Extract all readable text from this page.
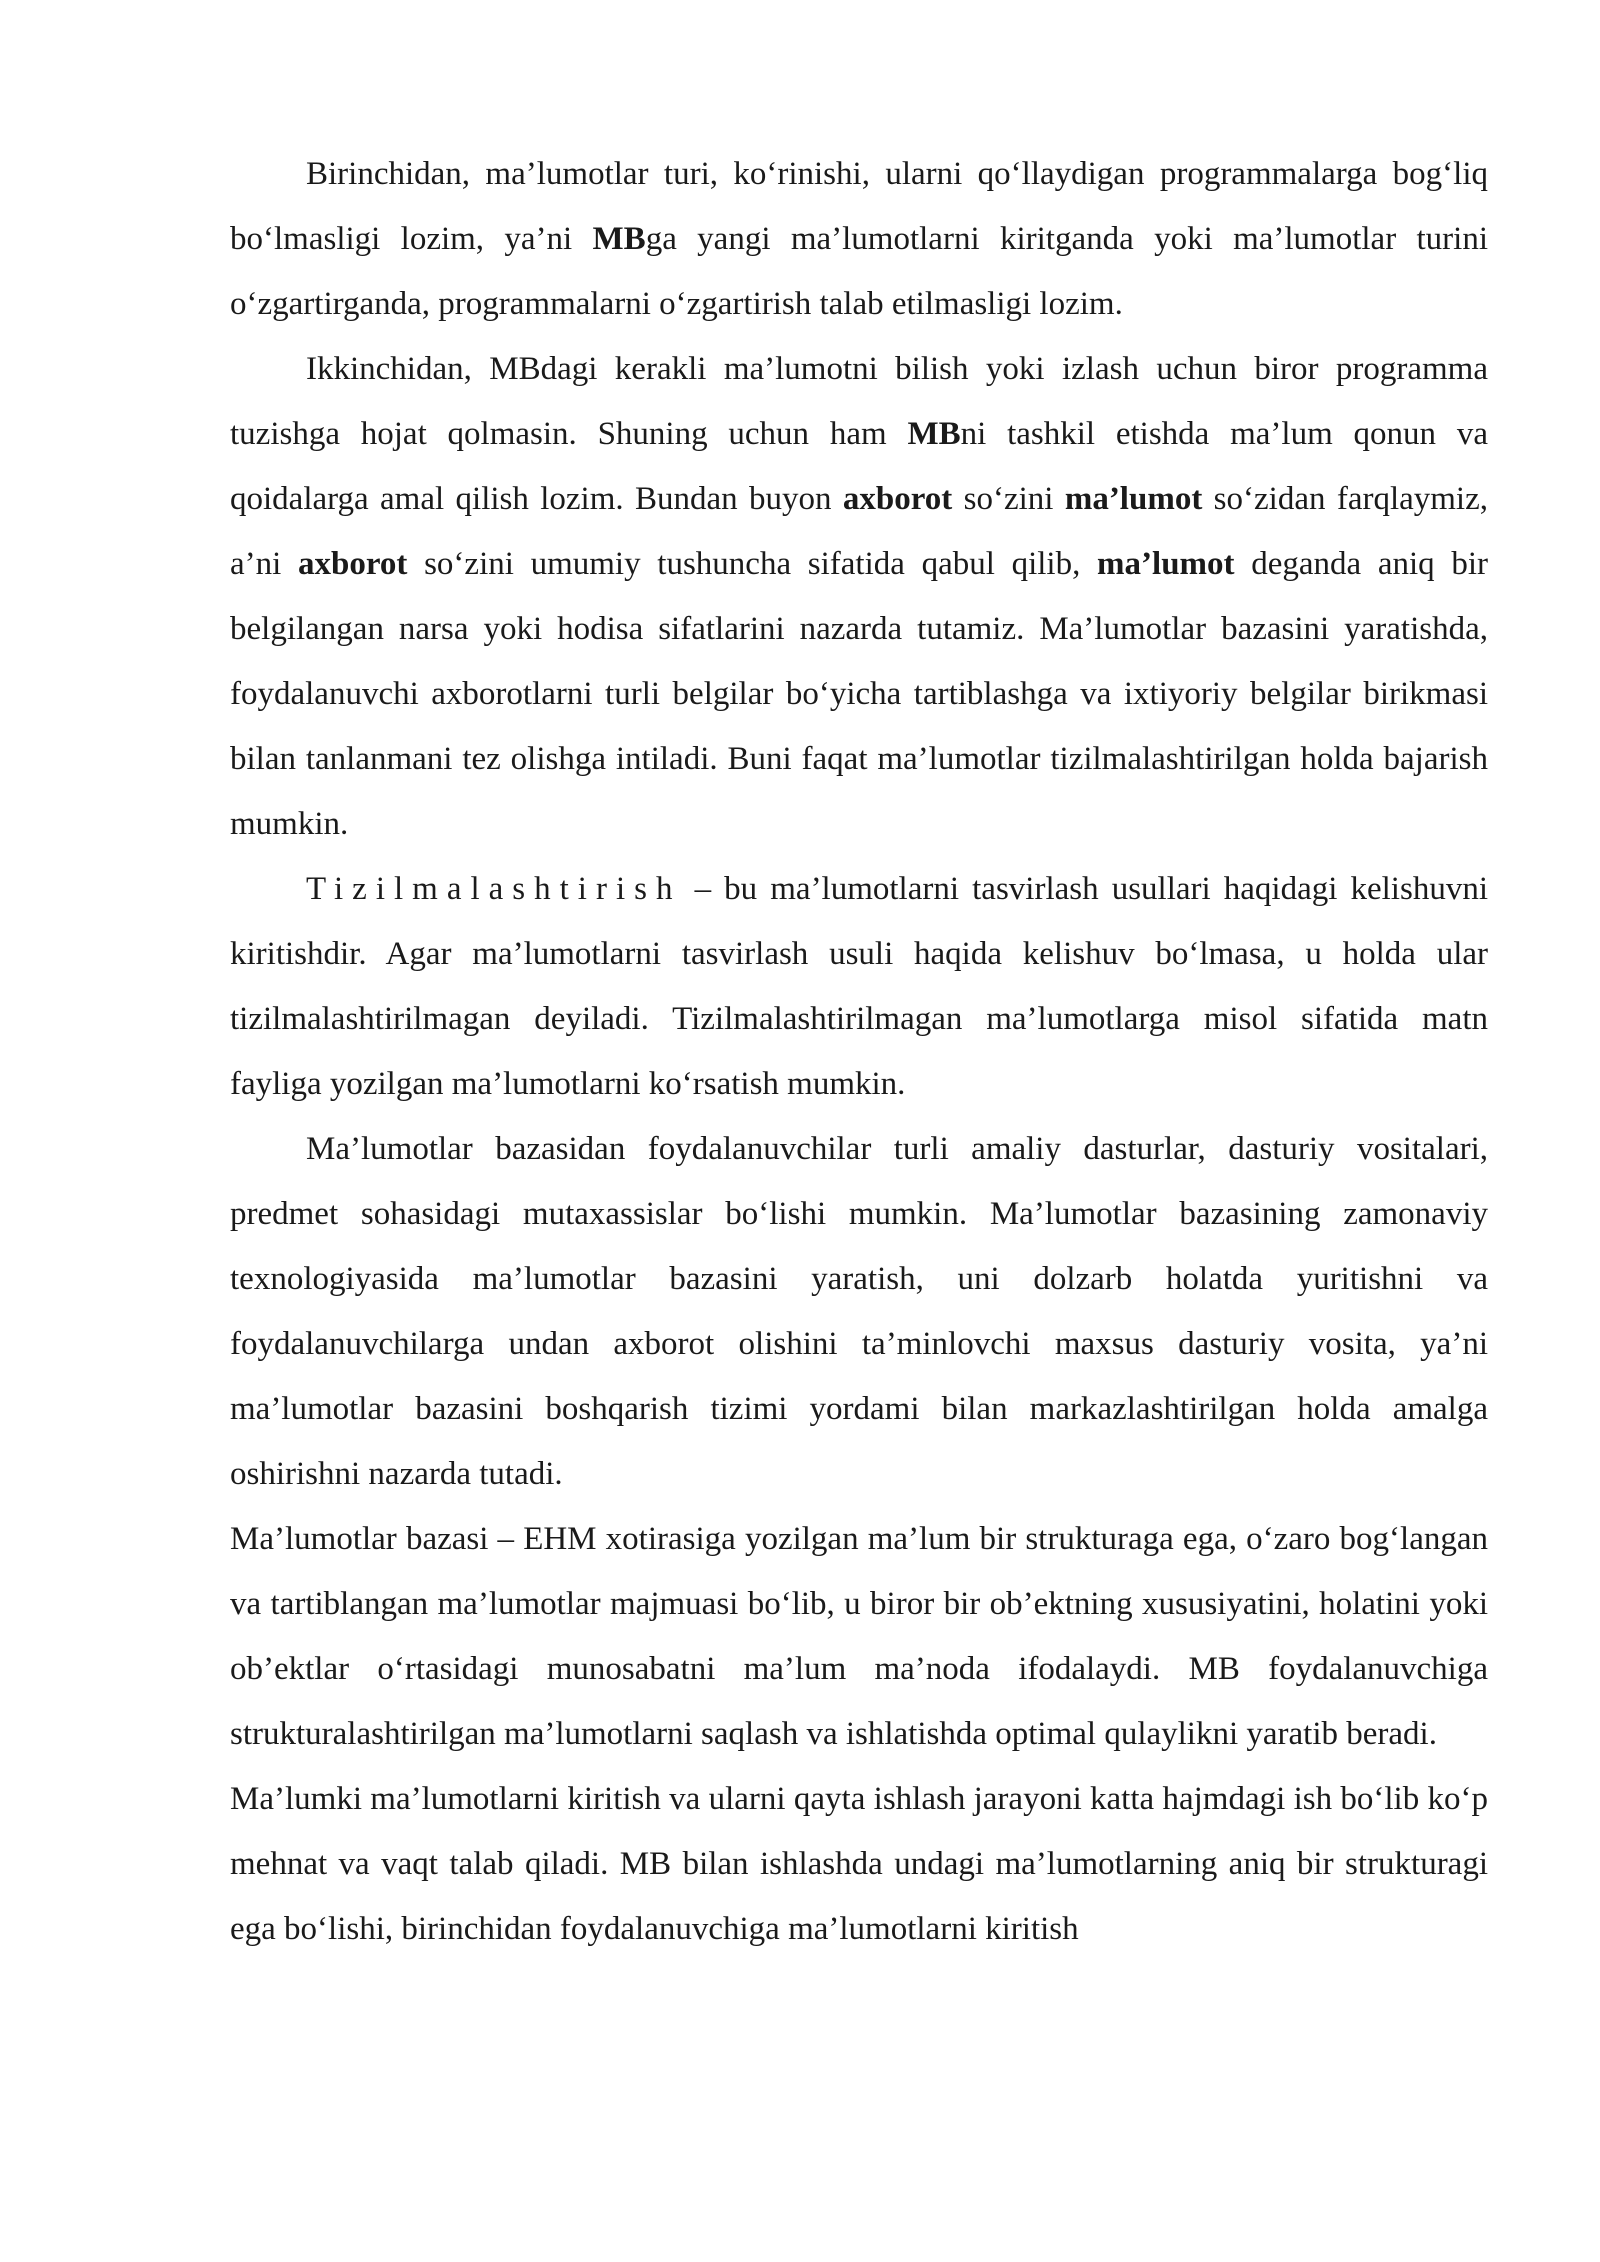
Birinchidan, ma’lumotlar turi, ko‘rinishi, ularni qo‘llaydigan programmalarga bog‘liq bo‘lmasligi lozim, ya’ni MBga yangi ma’lumotlarni kiritganda yoki ma’lumotlar turini o‘zgartirganda, programmalarni o‘zgartirish talab etilmasligi lozim.

Ikkinchidan, MBdagi kerakli ma’lumotni bilish yoki izlash uchun biror programma tuzishga hojat qolmasin. Shuning uchun ham MBni tashkil etishda ma’lum qonun va qoidalarga amal qilish lozim. Bundan buyon axborot so‘zini ma’lumot so‘zidan farqlaymiz, a’ni axborot so‘zini umumiy tushuncha sifatida qabul qilib, ma’lumot deganda aniq bir belgilangan narsa yoki hodisa sifatlarini nazarda tutamiz. Ma’lumotlar bazasini yaratishda, foydalanuvchi axborotlarni turli belgilar bo‘yicha tartiblashga va ixtiyoriy belgilar birikmasi bilan tanlanmani tez olishga intiladi. Buni faqat ma’lumotlar tizilmalashtirilgan holda bajarish mumkin.

Tizilmalashtirish – bu ma’lumotlarni tasvirlash usullari haqidagi kelishuvni kiritishdir. Agar ma’lumotlarni tasvirlash usuli haqida kelishuv bo‘lmasa, u holda ular tizilmalashtirilmagan deyiladi. Tizilmalashtirilmagan ma’lumotlarga misol sifatida matn fayliga yozilgan ma’lumotlarni ko‘rsatish mumkin.

Ma’lumotlar bazasidan foydalanuvchilar turli amaliy dasturlar, dasturiy vositalari, predmet sohasidagi mutaxassislar bo‘lishi mumkin. Ma’lumotlar bazasining zamonaviy texnologiyasida ma’lumotlar bazasini yaratish, uni dolzarb holatda yuritishni va foydalanuvchilarga undan axborot olishini ta’minlovchi maxsus dasturiy vosita, ya’ni ma’lumotlar bazasini boshqarish tizimi yordami bilan markazlashtirilgan holda amalga oshirishni nazarda tutadi.

Ma’lumotlar bazasi – EHM xotirasiga yozilgan ma’lum bir strukturaga ega, o‘zaro bog‘langan va tartiblangan ma’lumotlar majmuasi bo‘lib, u biror bir ob’ektning xususiyatini, holatini yoki ob’ektlar o‘rtasidagi munosabatni ma’lum ma’noda ifodalaydi. MB foydalanuvchiga strukturalashtirilgan ma’lumotlarni saqlash va ishlatishda optimal qulaylikni yaratib beradi.

Ma’lumki ma’lumotlarni kiritish va ularni qayta ishlash jarayoni katta hajmdagi ish bo‘lib ko‘p mehnat va vaqt talab qiladi. MB bilan ishlashda undagi ma’lumotlarning aniq bir strukturagi ega bo‘lishi, birinchidan foydalanuvchiga ma’lumotlarni kiritish
